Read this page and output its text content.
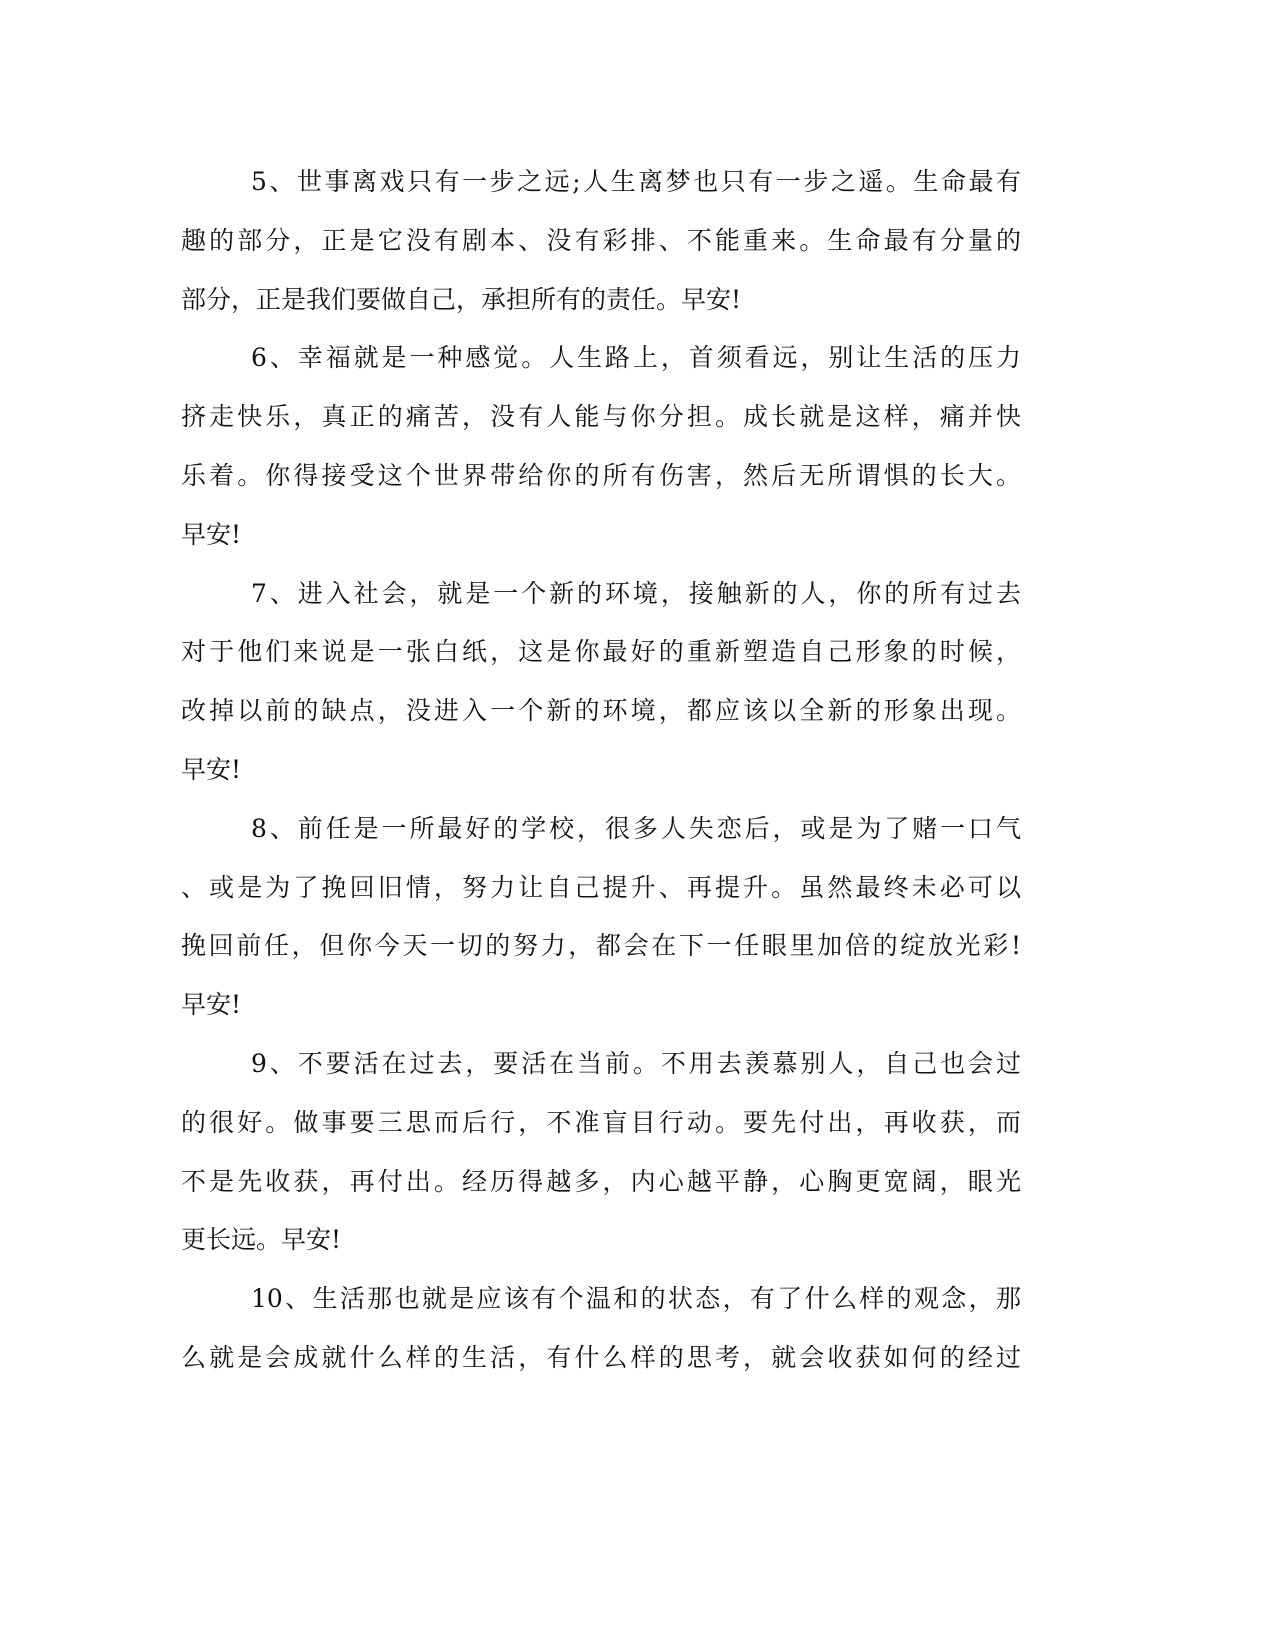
5、世事离戏只有一步之远;人生离梦也只有一步之遥。生命最有
趣的部分，正是它没有剧本、没有彩排、不能重来。生命最有分量的
部分，正是我们要做自己，承担所有的责任。早安!
6、幸福就是一种感觉。人生路上，首须看远，别让生活的压力
挤走快乐，真正的痛苦，没有人能与你分担。成长就是这样，痛并快
乐着。你得接受这个世界带给你的所有伤害，然后无所谓惧的长大。
早安!
7、进入社会，就是一个新的环境，接触新的人，你的所有过去
对于他们来说是一张白纸，这是你最好的重新塑造自己形象的时候，
改掉以前的缺点，没进入一个新的环境，都应该以全新的形象出现。
早安!
8、前任是一所最好的学校，很多人失恋后，或是为了赌一口气
、或是为了挽回旧情，努力让自己提升、再提升。虽然最终未必可以
挽回前任，但你今天一切的努力，都会在下一任眼里加倍的绽放光彩!
早安!
9、不要活在过去，要活在当前。不用去羡慕别人，自己也会过
的很好。做事要三思而后行，不准盲目行动。要先付出，再收获，而
不是先收获，再付出。经历得越多，内心越平静，心胸更宽阔，眼光
更长远。早安!
10、生活那也就是应该有个温和的状态，有了什么样的观念，那
么就是会成就什么样的生活，有什么样的思考，就会收获如何的经过
